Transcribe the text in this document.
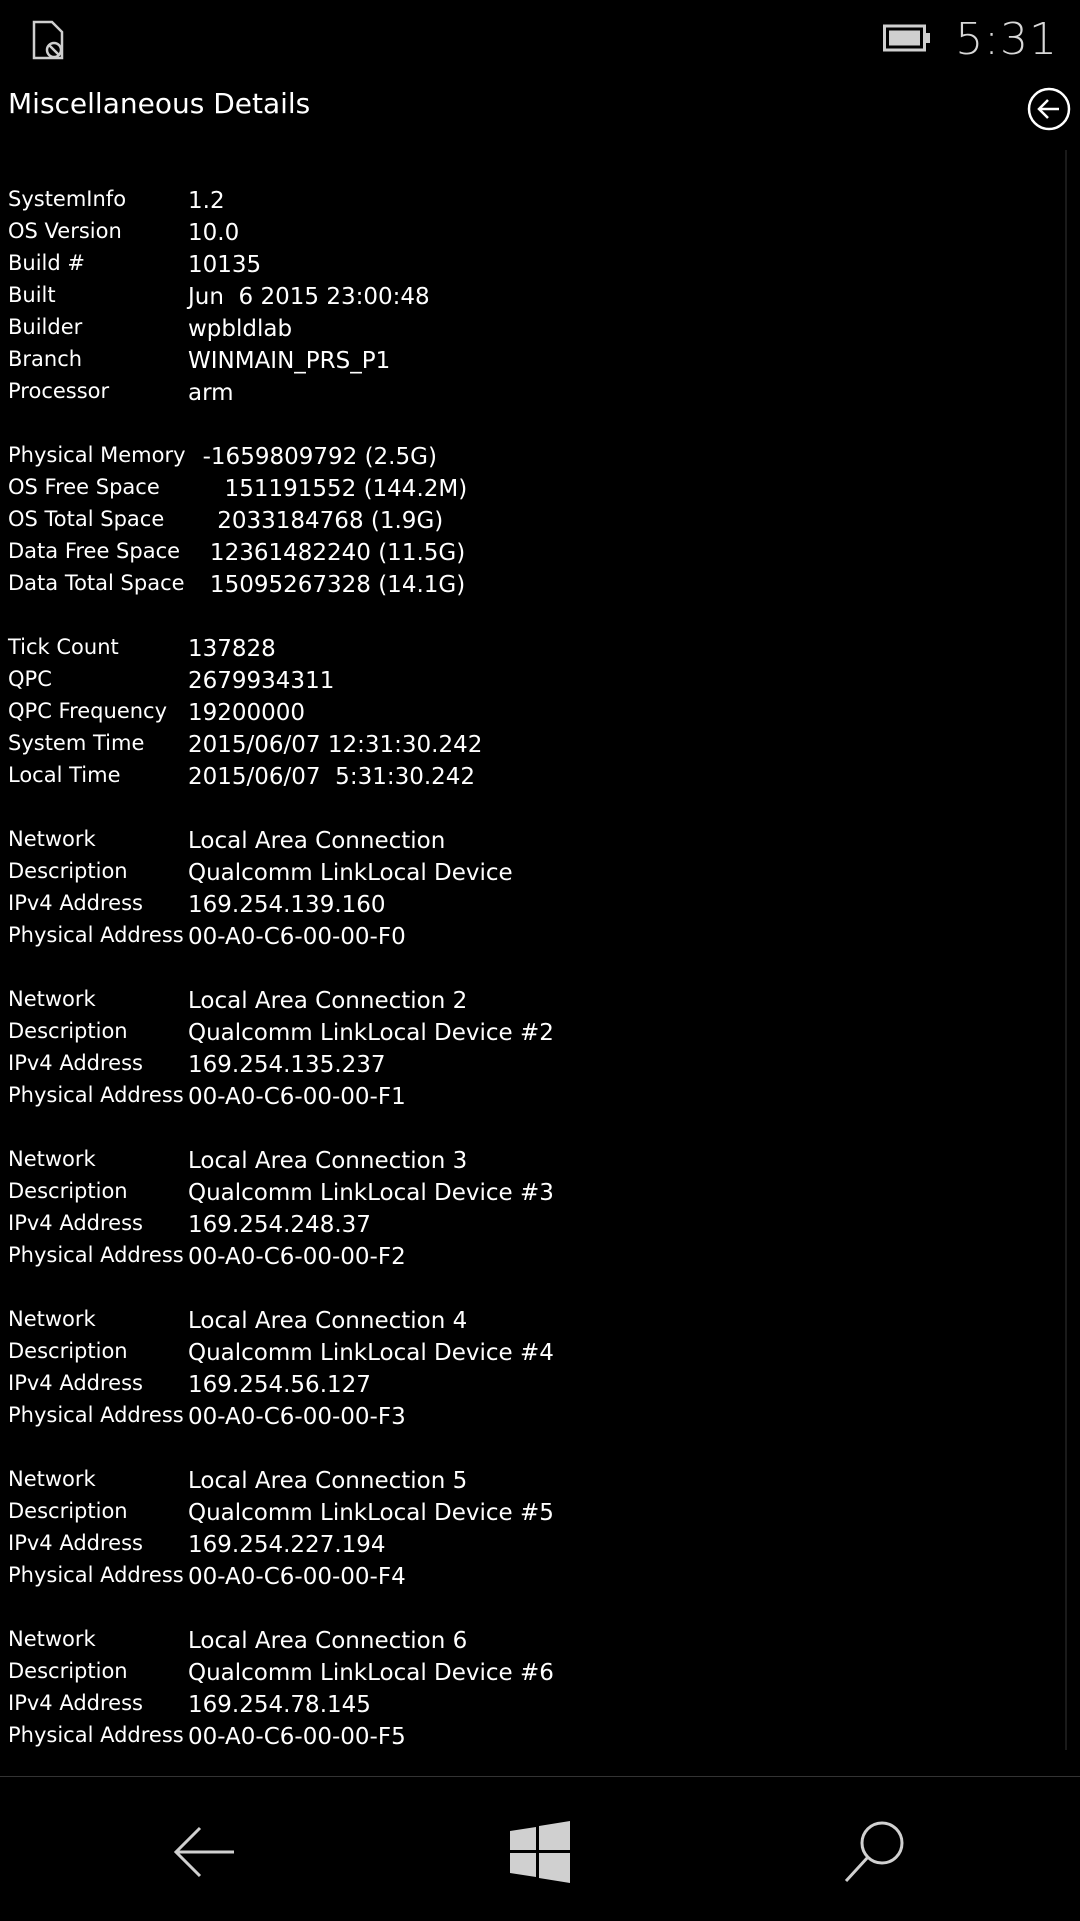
5:31
Miscellaneous Details
SystemInfo	1.2
OS Version	10.0
Build #	10135
Built	Jun  6 2015 23:00:48
Builder	wpbldlab
Branch	WINMAIN_PRS_P1
Processor	arm
Physical Memory -1659809792 (2.5G)
OS Free Space 151191552 (144.2M)
OS Total Space 2033184768 (1.9G)
Data Free Space 12361482240 (11.5G)
Data Total Space 15095267328 (14.1G)
Tick Count	137828
QPC	2679934311
QPC Frequency 19200000
System Time 2015/06/07 12:31:30.242
Local Time	2015/06/07  5:31:30.242
Network	Local Area Connection
Description	Qualcomm LinkLocal Device
IPv4 Address 169.254.139.160
Physical Address 00-A0-C6-00-00-F0
Network	Local Area Connection 2
Description	Qualcomm LinkLocal Device #2
IPv4 Address 169.254.135.237
Physical Address 00-A0-C6-00-00-F1
Network	Local Area Connection 3
Description	Qualcomm LinkLocal Device #3
IPv4 Address 169.254.248.37
Physical Address 00-A0-C6-00-00-F2
Network	Local Area Connection 4
Description	Qualcomm LinkLocal Device #4
IPv4 Address 169.254.56.127
Physical Address 00-A0-C6-00-00-F3
Network	Local Area Connection 5
Description	Qualcomm LinkLocal Device #5
IPv4 Address 169.254.227.194
Physical Address 00-A0-C6-00-00-F4
Network	Local Area Connection 6
Description	Qualcomm LinkLocal Device #6
IPv4 Address 169.254.78.145
Physical Address 00-A0-C6-00-00-F5
